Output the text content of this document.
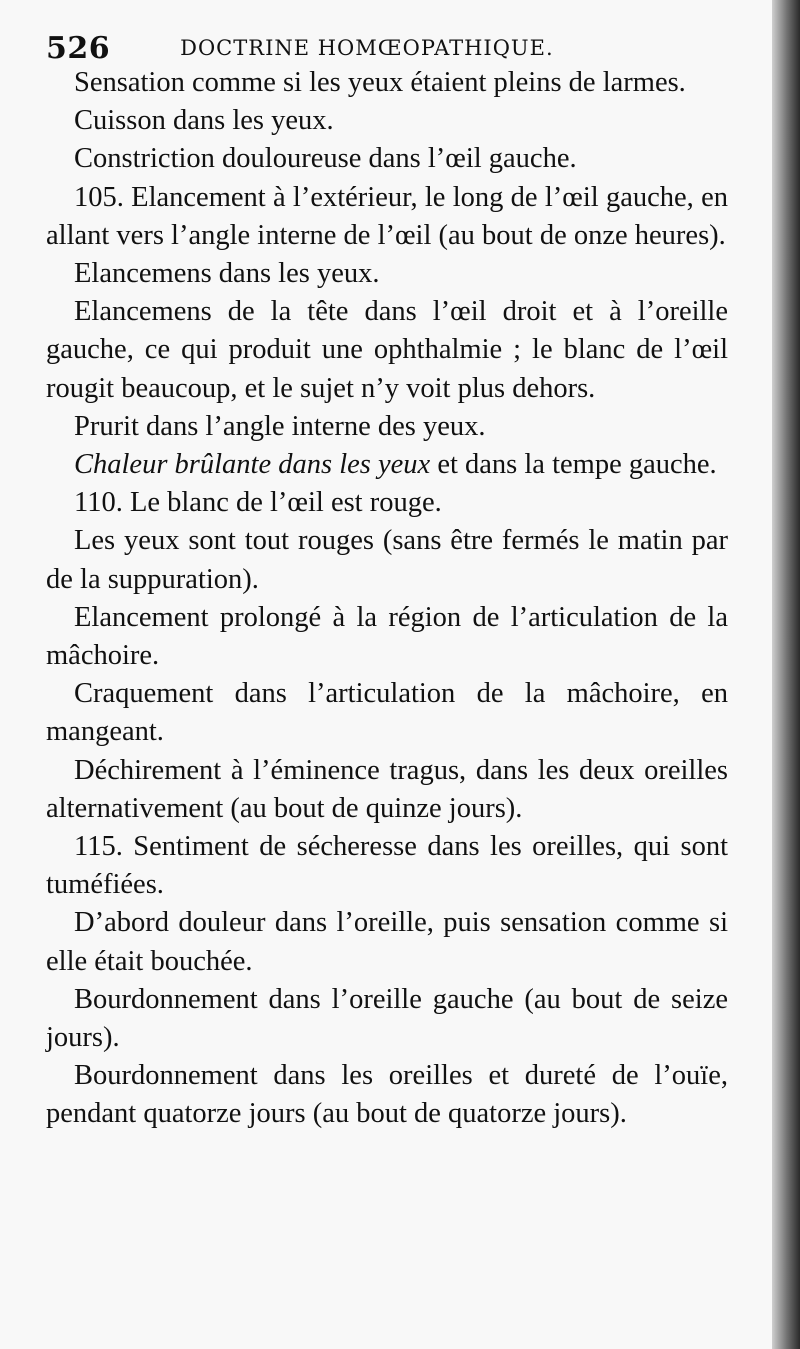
526	DOCTRINE HOMŒOPATHIQUE.

Sensation comme si les yeux étaient pleins de larmes.

Cuisson dans les yeux.

Constriction douloureuse dans l’œil gauche.

105. Elancement à l’extérieur, le long de l’œil gauche, en allant vers l’angle interne de l’œil (au bout de onze heures).

Elancemens dans les yeux.

Elancemens de la tête dans l’œil droit et à l’oreille gauche, ce qui produit une ophthalmie ; le blanc de l’œil rougit beaucoup, et le sujet n’y voit plus dehors.

Prurit dans l’angle interne des yeux.

Chaleur brûlante dans les yeux et dans la tempe gauche.

110. Le blanc de l’œil est rouge.

Les yeux sont tout rouges (sans être fermés le matin par de la suppuration).

Elancement prolongé à la région de l’articulation de la mâchoire.

Craquement dans l’articulation de la mâchoire, en mangeant.

Déchirement à l’éminence tragus, dans les deux oreilles alternativement (au bout de quinze jours).

115. Sentiment de sécheresse dans les oreilles, qui sont tuméfiées.

D’abord douleur dans l’oreille, puis sensation comme si elle était bouchée.

Bourdonnement dans l’oreille gauche (au bout de seize jours).

Bourdonnement dans les oreilles et dureté de l’ouïe, pendant quatorze jours (au bout de quatorze jours).
